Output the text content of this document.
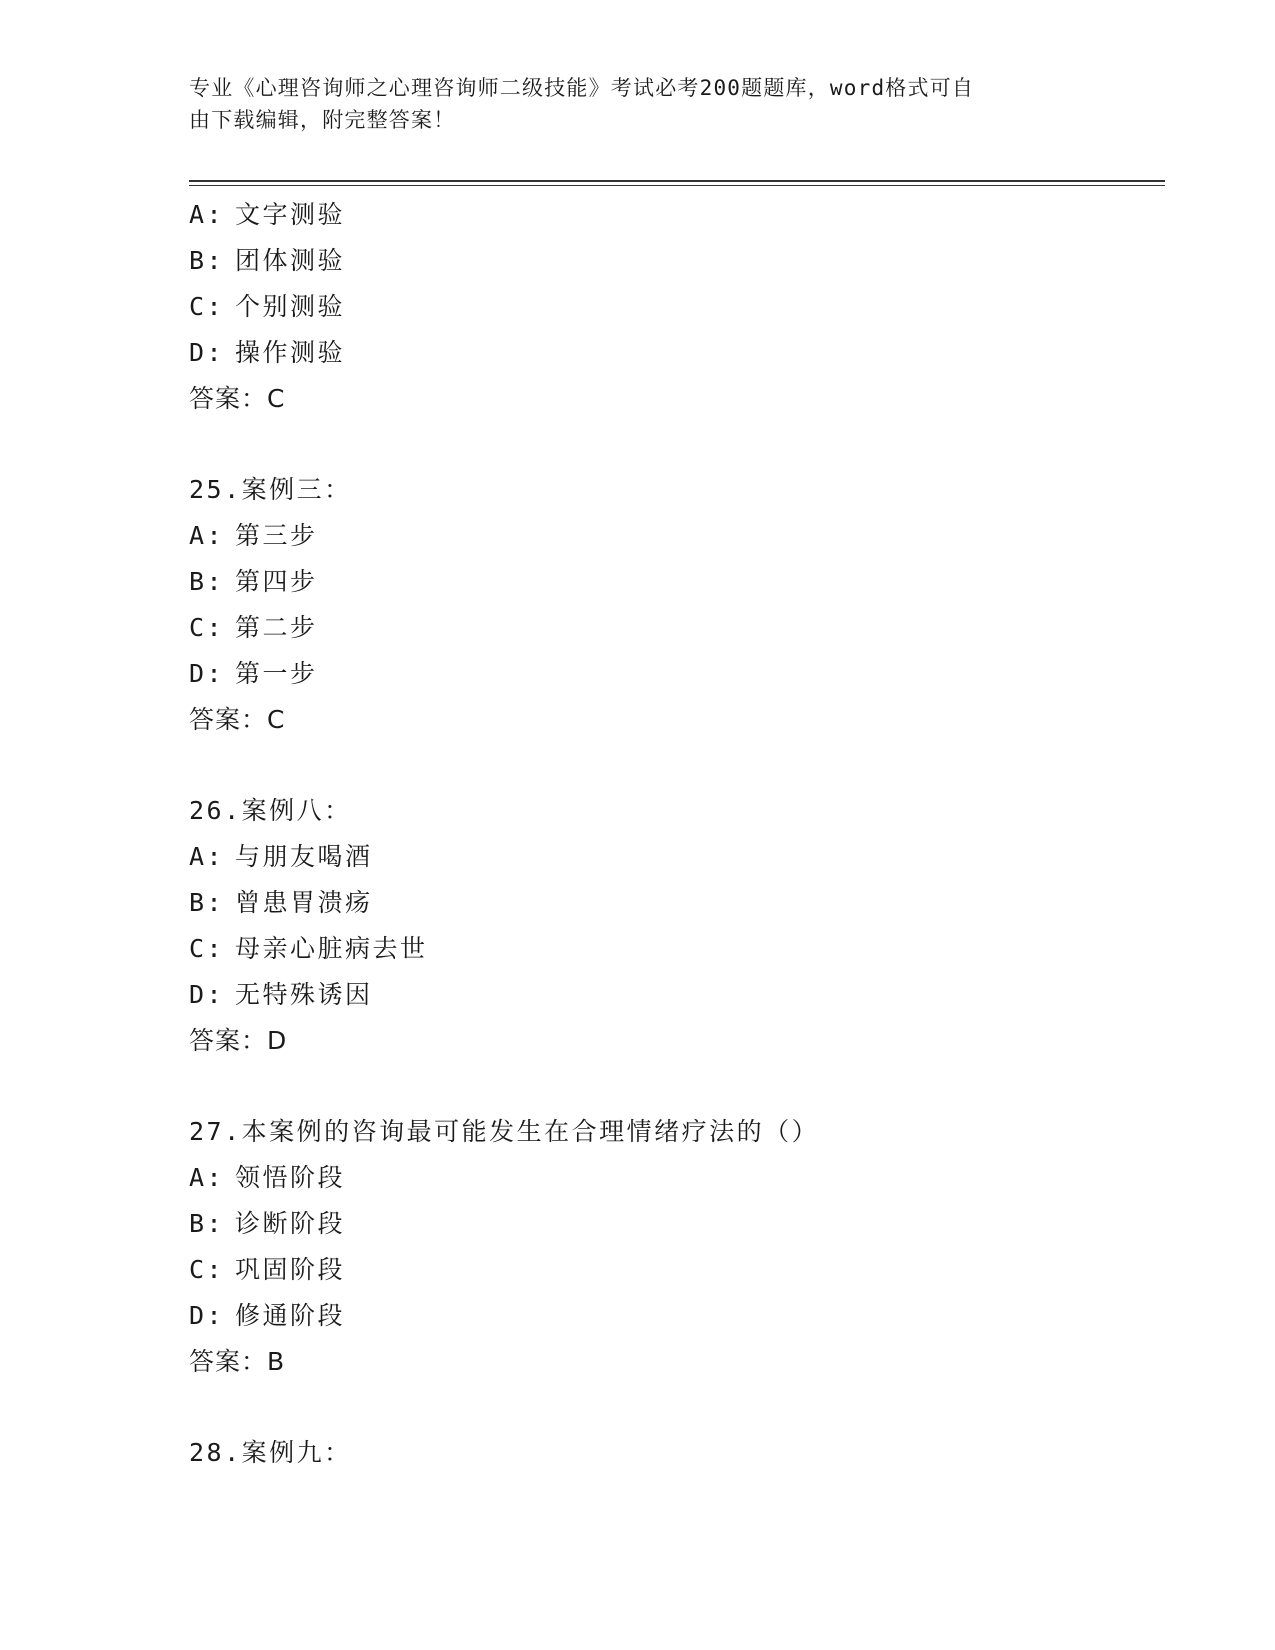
专业《心理咨询师之心理咨询师二级技能》考试必考200题题库，word格式可自
由下载编辑，附完整答案！
A: 文字测验
B: 团体测验
C: 个别测验
D: 操作测验
答案：C
25.案例三：
A: 第三步
B: 第四步
C: 第二步
D: 第一步
答案：C
26.案例八：
A: 与朋友喝酒
B: 曾患胃溃疡
C: 母亲心脏病去世
D: 无特殊诱因
答案：D
27.本案例的咨询最可能发生在合理情绪疗法的（）
A: 领悟阶段
B: 诊断阶段
C: 巩固阶段
D: 修通阶段
答案：B
28.案例九：
